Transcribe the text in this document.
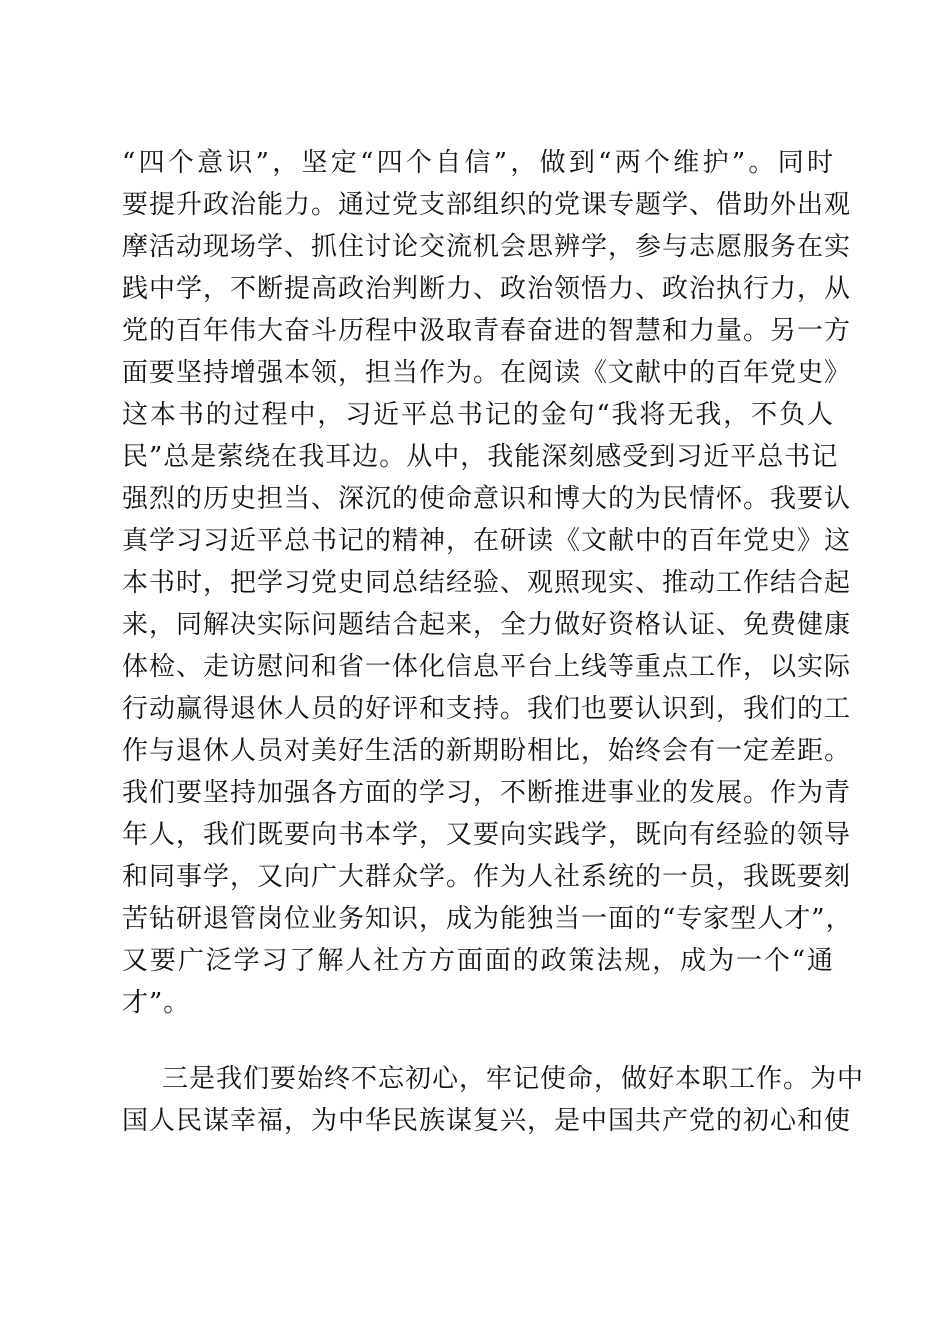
“四个意识”，坚定“四个自信”，做到“两个维护”。同时
要提升政治能力。通过党支部组织的党课专题学、借助外出观
摩活动现场学、抓住讨论交流机会思辨学，参与志愿服务在实
践中学，不断提高政治判断力、政治领悟力、政治执行力，从
党的百年伟大奋斗历程中汲取青春奋进的智慧和力量。另一方
面要坚持增强本领，担当作为。在阅读《文献中的百年党史》
这本书的过程中，习近平总书记的金句“我将无我，不负人
民”总是萦绕在我耳边。从中，我能深刻感受到习近平总书记
强烈的历史担当、深沉的使命意识和博大的为民情怀。我要认
真学习习近平总书记的精神，在研读《文献中的百年党史》这
本书时，把学习党史同总结经验、观照现实、推动工作结合起
来，同解决实际问题结合起来，全力做好资格认证、免费健康
体检、走访慰问和省一体化信息平台上线等重点工作，以实际
行动赢得退休人员的好评和支持。我们也要认识到，我们的工
作与退休人员对美好生活的新期盼相比，始终会有一定差距。
我们要坚持加强各方面的学习，不断推进事业的发展。作为青
年人，我们既要向书本学，又要向实践学，既向有经验的领导
和同事学，又向广大群众学。作为人社系统的一员，我既要刻
苦钻研退管岗位业务知识，成为能独当一面的“专家型人才”，
又要广泛学习了解人社方方面面的政策法规，成为一个“通
才”。
三是我们要始终不忘初心，牢记使命，做好本职工作。为中
国人民谋幸福，为中华民族谋复兴，是中国共产党的初心和使
